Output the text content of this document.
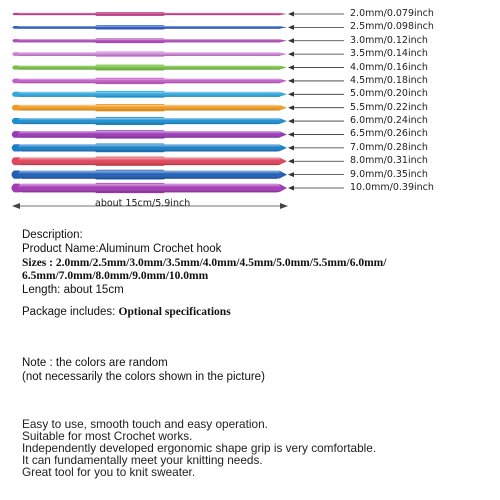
2.0mm/0.079inch
2.5mm/0.098inch
3.0mm/0.12inch
3.5mm/0.14inch
4.0mm/0.16inch
4.5mm/0.18inch
5.0mm/0.20inch
5.5mm/0.22inch
6.0mm/0.24inch
6.5mm/0.26inch
7.0mm/0.28inch
8.0mm/0.31inch
9.0mm/0.35inch
10.0mm/0.39inch
about 15cm/5.9inch
Description:
Product Name:Aluminum Crochet hook
Sizes : 2.0mm/2.5mm/3.0mm/3.5mm/4.0mm/4.5mm/5.0mm/5.5mm/6.0mm/
6.5mm/7.0mm/8.0mm/9.0mm/10.0mm
Length: about 15cm
Package includes: Optional specifications
Note : the colors are random
(not necessarily the colors shown in the picture)
Easy to use, smooth touch and easy operation.
Suitable for most Crochet works.
Independently developed ergonomic shape grip is very comfortable.
It can fundamentally meet your knitting needs.
Great tool for you to knit sweater.
